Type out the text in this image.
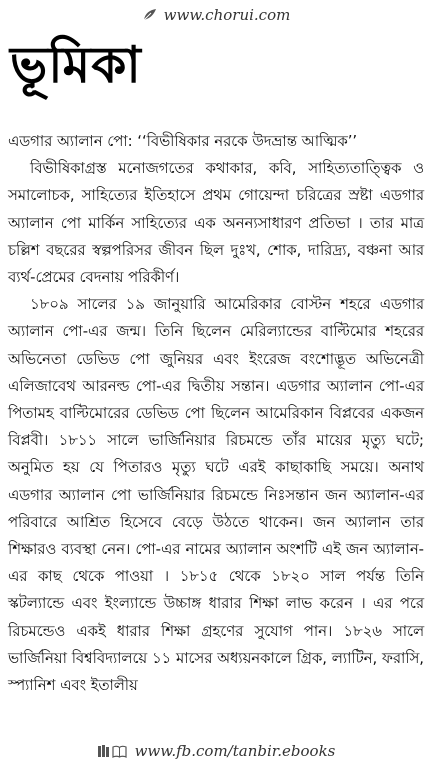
www.chorui.com
ভূমিকা

এডগার অ্যালান পো: ‘‘বিভীষিকার নরকে উদভ্রান্ত আত্মিক’’

বিভীষিকাগ্রস্ত মনোজগতের কথাকার, কবি, সাহিত্যতাত্ত্বিক ও সমালোচক, সাহিত্যের ইতিহাসে প্রথম গোয়েন্দা চরিত্রের স্রষ্টা এডগার অ্যালান পো মার্কিন সাহিত্যের এক অনন্যসাধারণ প্ৰতিভা । তার মাত্ৰ চল্লিশ বছরের স্বল্পপরিসর জীবন ছিল দুঃখ, শোক, দারিদ্র্য, বঞ্চনা আর ব্যর্থ-প্রেমের বেদনায় পরিকীর্ণ।

১৮০৯ সালের ১৯ জানুয়ারি আমেরিকার বোস্টন শহরে এডগার অ্যালান পো-এর জন্ম। তিনি ছিলেন মেরিল্যান্ডের বাল্টিমোর শহরের অভিনেতা ডেভিড পো জুনিয়র এবং ইংরেজ বংশোদ্ভূত অভিনেত্রী এলিজাবেথ আরনল্ড পো-এর দ্বিতীয় সন্তান। এডগার অ্যালান পো-এর পিতামহ বাল্টিমোরের ডেভিড পো ছিলেন আমেরিকান বিপ্লবের একজন বিপ্লবী। ১৮১১ সালে ভার্জিনিয়ার রিচমন্ডে তাঁর মায়ের মৃত্যু ঘটে; অনুমিত হয় যে পিতারও মৃত্যু ঘটে এরই কাছাকাছি সময়ে। অনাথ এডগার অ্যালান পো ভার্জিনিয়ার রিচমন্ডে নিঃসন্তান জন অ্যালান-এর পরিবারে আশ্রিত হিসেবে বেড়ে উঠতে থাকেন। জন অ্যালান তার শিক্ষারও ব্যবস্থা নেন। পো-এর নামের অ্যালান অংশটি এই জন অ্যালান-এর কাছ থেকে পাওয়া । ১৮১৫ থেকে ১৮২০ সাল পর্যন্ত তিনি স্কটল্যান্ডে এবং ইংল্যান্ডে উচ্চাঙ্গ ধারার শিক্ষা লাভ করেন । এর পরে রিচমন্ডেও একই ধারার শিক্ষা গ্রহণের সুযোগ পান। ১৮২৬ সালে ভার্জিনিয়া বিশ্ববিদ্যালয়ে ১১ মাসের অধ্যয়নকালে গ্রিক, ল্যাটিন, ফরাসি, স্প্যানিশ এবং ইতালীয়

www.fb.com/tanbir.ebooks
